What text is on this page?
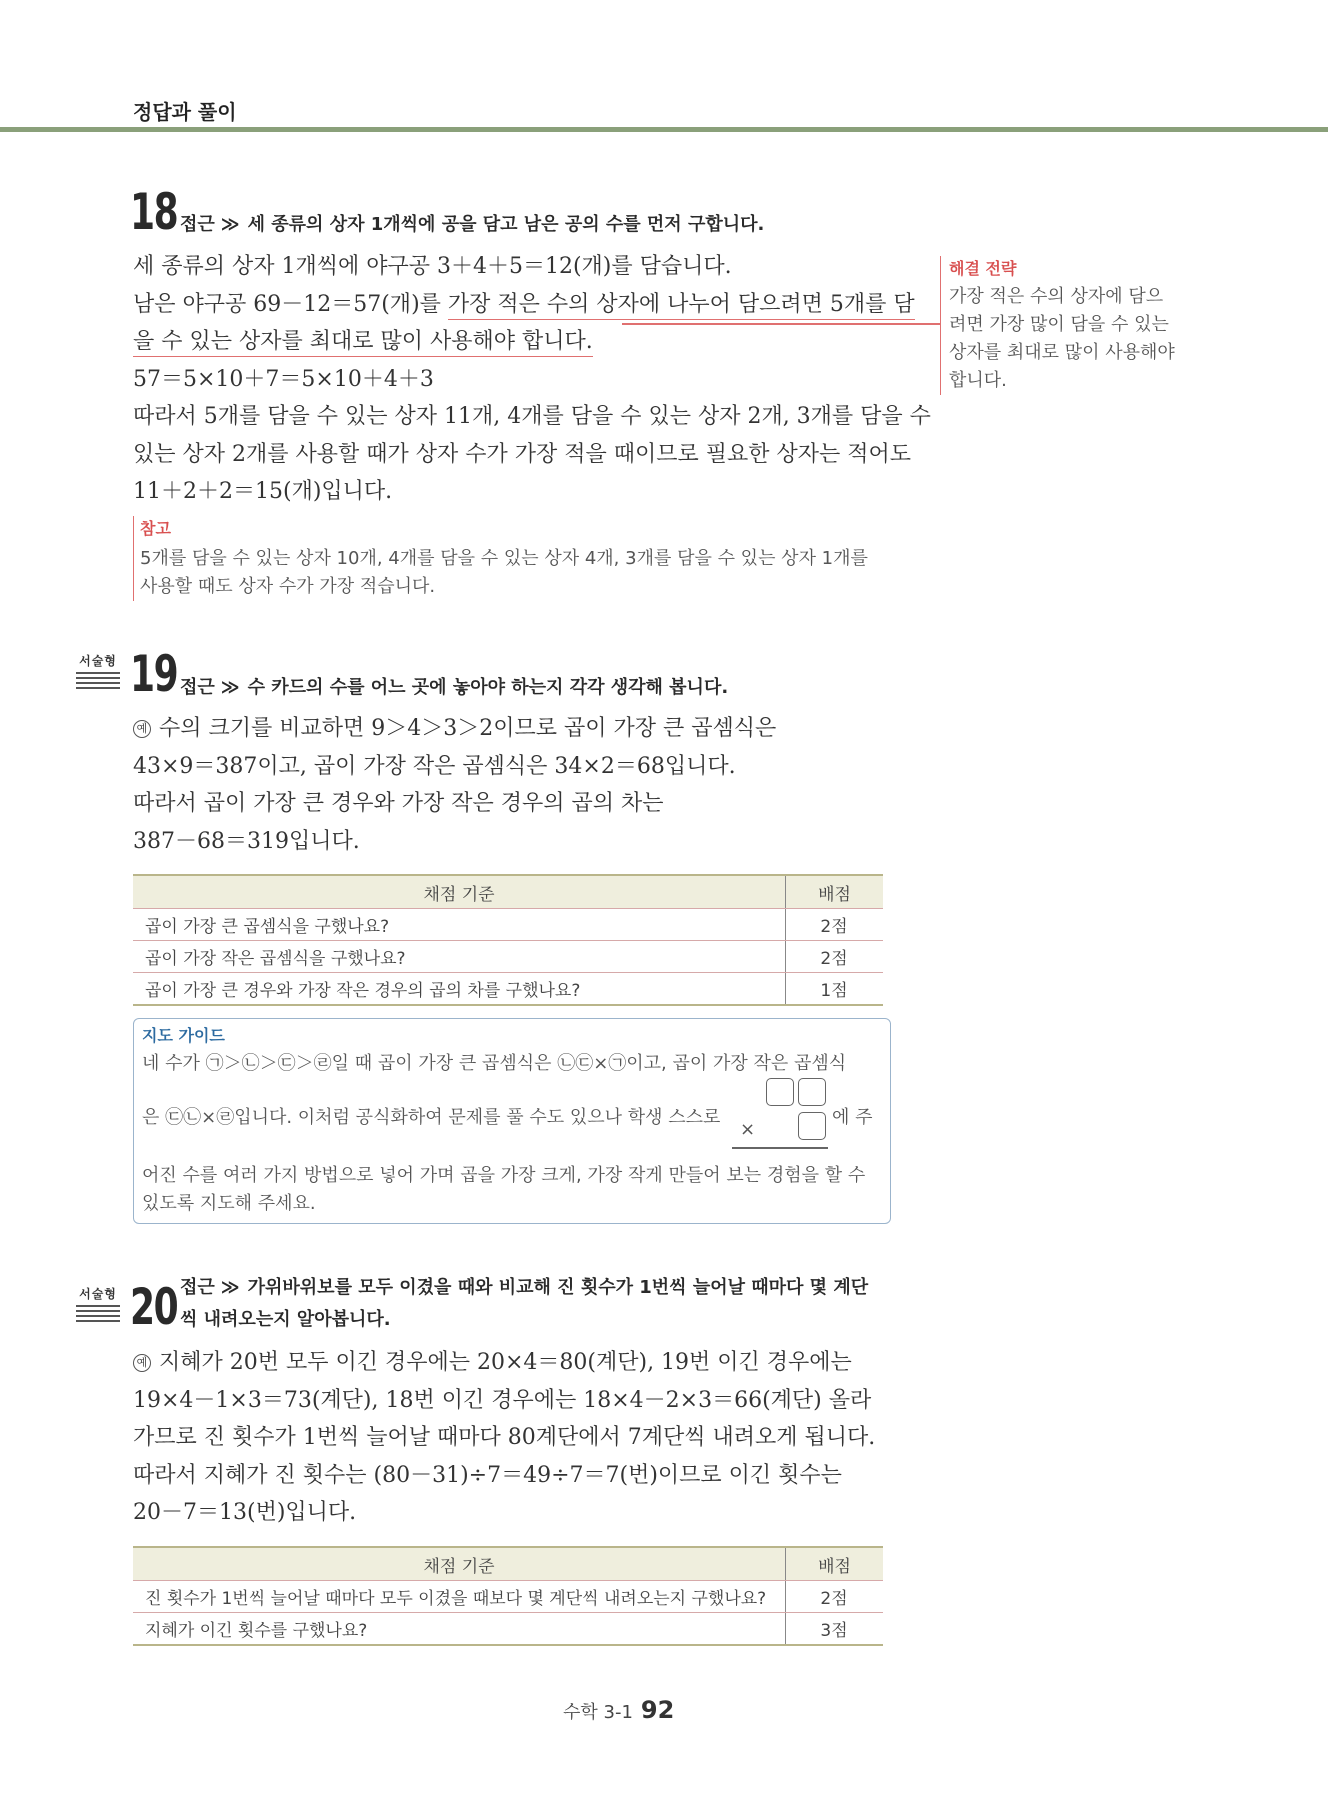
정답과 풀이
18 접근 ≫ 세 종류의 상자 1개씩에 공을 담고 남은 공의 수를 먼저 구합니다.
세 종류의 상자 1개씩에 야구공 3＋4＋5＝12(개)를 담습니다.
남은 야구공 69－12＝57(개)를 가장 적은 수의 상자에 나누어 담으려면 5개를 담
을 수 있는 상자를 최대로 많이 사용해야 합니다.
57＝5×10＋7＝5×10＋4＋3
따라서 5개를 담을 수 있는 상자 11개, 4개를 담을 수 있는 상자 2개, 3개를 담을 수
있는 상자 2개를 사용할 때가 상자 수가 가장 적을 때이므로 필요한 상자는 적어도
11＋2＋2＝15(개)입니다.
해결 전략
가장 적은 수의 상자에 담으
려면 가장 많이 담을 수 있는
상자를 최대로 많이 사용해야
합니다.
참고
5개를 담을 수 있는 상자 10개, 4개를 담을 수 있는 상자 4개, 3개를 담을 수 있는 상자 1개를
사용할 때도 상자 수가 가장 적습니다.
서술형 19 접근 ≫ 수 카드의 수를 어느 곳에 놓아야 하는지 각각 생각해 봅니다.
예 수의 크기를 비교하면 9＞4＞3＞2이므로 곱이 가장 큰 곱셈식은
43×9＝387이고, 곱이 가장 작은 곱셈식은 34×2＝68입니다.
따라서 곱이 가장 큰 경우와 가장 작은 경우의 곱의 차는
387－68＝319입니다.
채점 기준	배점
곱이 가장 큰 곱셈식을 구했나요?	2점
곱이 가장 작은 곱셈식을 구했나요?	2점
곱이 가장 큰 경우와 가장 작은 경우의 곱의 차를 구했나요?	1점
지도 가이드
네 수가 ㉠＞㉡＞㉢＞㉣일 때 곱이 가장 큰 곱셈식은 ㉡㉢×㉠이고, 곱이 가장 작은 곱셈식
은 ㉢㉡×㉣입니다. 이처럼 공식화하여 문제를 풀 수도 있으나 학생 스스로
×
에 주
어진 수를 여러 가지 방법으로 넣어 가며 곱을 가장 크게, 가장 작게 만들어 보는 경험을 할 수
있도록 지도해 주세요.
서술형 20 접근 ≫ 가위바위보를 모두 이겼을 때와 비교해 진 횟수가 1번씩 늘어날 때마다 몇 계단
씩 내려오는지 알아봅니다.
예 지혜가 20번 모두 이긴 경우에는 20×4＝80(계단), 19번 이긴 경우에는
19×4－1×3＝73(계단), 18번 이긴 경우에는 18×4－2×3＝66(계단) 올라
가므로 진 횟수가 1번씩 늘어날 때마다 80계단에서 7계단씩 내려오게 됩니다.
따라서 지혜가 진 횟수는 (80－31)÷7＝49÷7＝7(번)이므로 이긴 횟수는
20－7＝13(번)입니다.
채점 기준	배점
진 횟수가 1번씩 늘어날 때마다 모두 이겼을 때보다 몇 계단씩 내려오는지 구했나요?	2점
지혜가 이긴 횟수를 구했나요?	3점
수학 3-1 92
